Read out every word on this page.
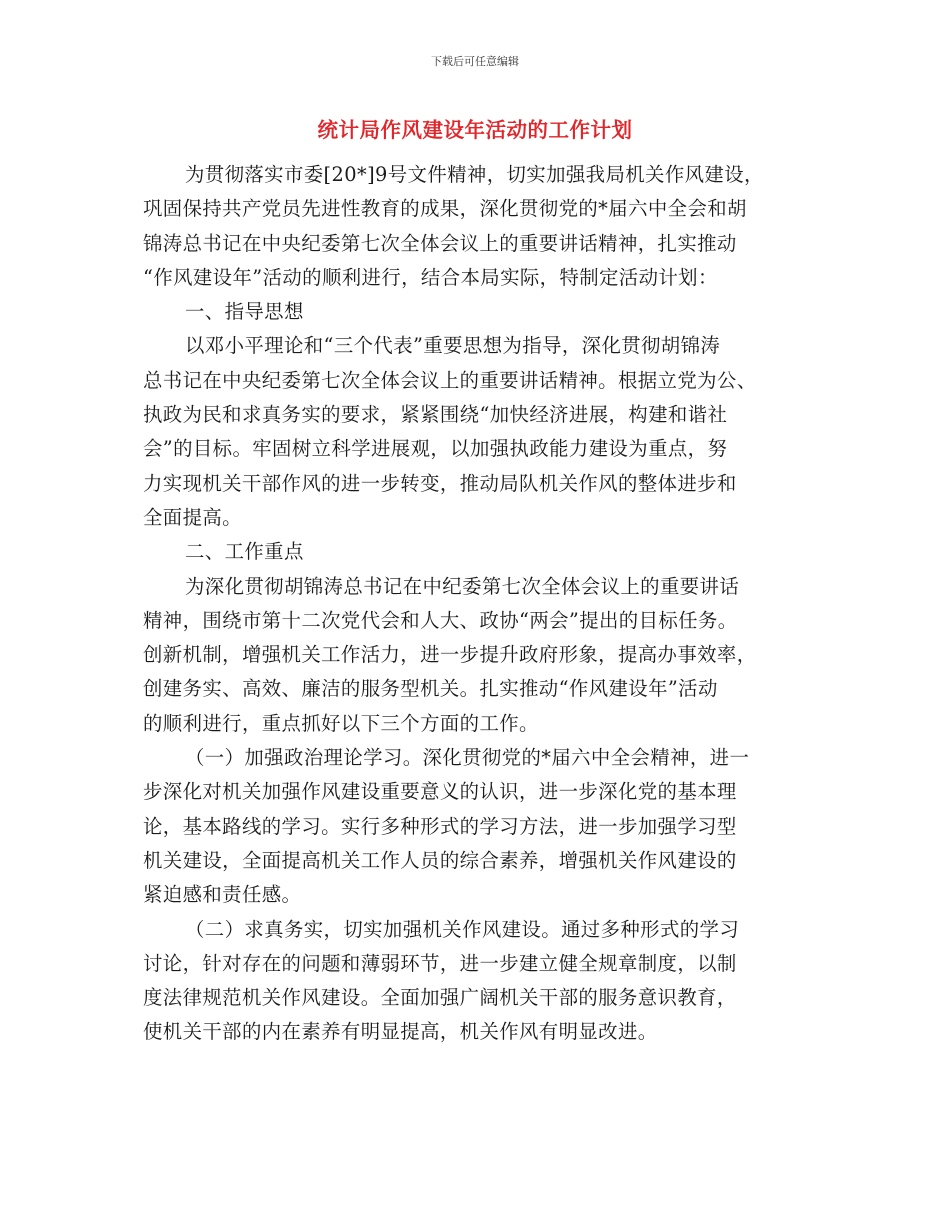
下载后可任意编辑
统计局作风建设年活动的工作计划
为贯彻落实市委[20*]9号文件精神，切实加强我局机关作风建设，
巩固保持共产党员先进性教育的成果，深化贯彻党的*届六中全会和胡
锦涛总书记在中央纪委第七次全体会议上的重要讲话精神，扎实推动
“作风建设年”活动的顺利进行，结合本局实际，特制定活动计划：
一、指导思想
以邓小平理论和“三个代表”重要思想为指导，深化贯彻胡锦涛
总书记在中央纪委第七次全体会议上的重要讲话精神。根据立党为公、
执政为民和求真务实的要求，紧紧围绕“加快经济进展，构建和谐社
会”的目标。牢固树立科学进展观，以加强执政能力建设为重点，努
力实现机关干部作风的进一步转变，推动局队机关作风的整体进步和
全面提高。
二、工作重点
为深化贯彻胡锦涛总书记在中纪委第七次全体会议上的重要讲话
精神，围绕市第十二次党代会和人大、政协“两会”提出的目标任务。
创新机制，增强机关工作活力，进一步提升政府形象，提高办事效率，
创建务实、高效、廉洁的服务型机关。扎实推动“作风建设年”活动
的顺利进行，重点抓好以下三个方面的工作。
（一）加强政治理论学习。深化贯彻党的*届六中全会精神，进一
步深化对机关加强作风建设重要意义的认识，进一步深化党的基本理
论，基本路线的学习。实行多种形式的学习方法，进一步加强学习型
机关建设，全面提高机关工作人员的综合素养，增强机关作风建设的
紧迫感和责任感。
（二）求真务实，切实加强机关作风建设。通过多种形式的学习
讨论，针对存在的问题和薄弱环节，进一步建立健全规章制度，以制
度法律规范机关作风建设。全面加强广阔机关干部的服务意识教育，
使机关干部的内在素养有明显提高，机关作风有明显改进。
